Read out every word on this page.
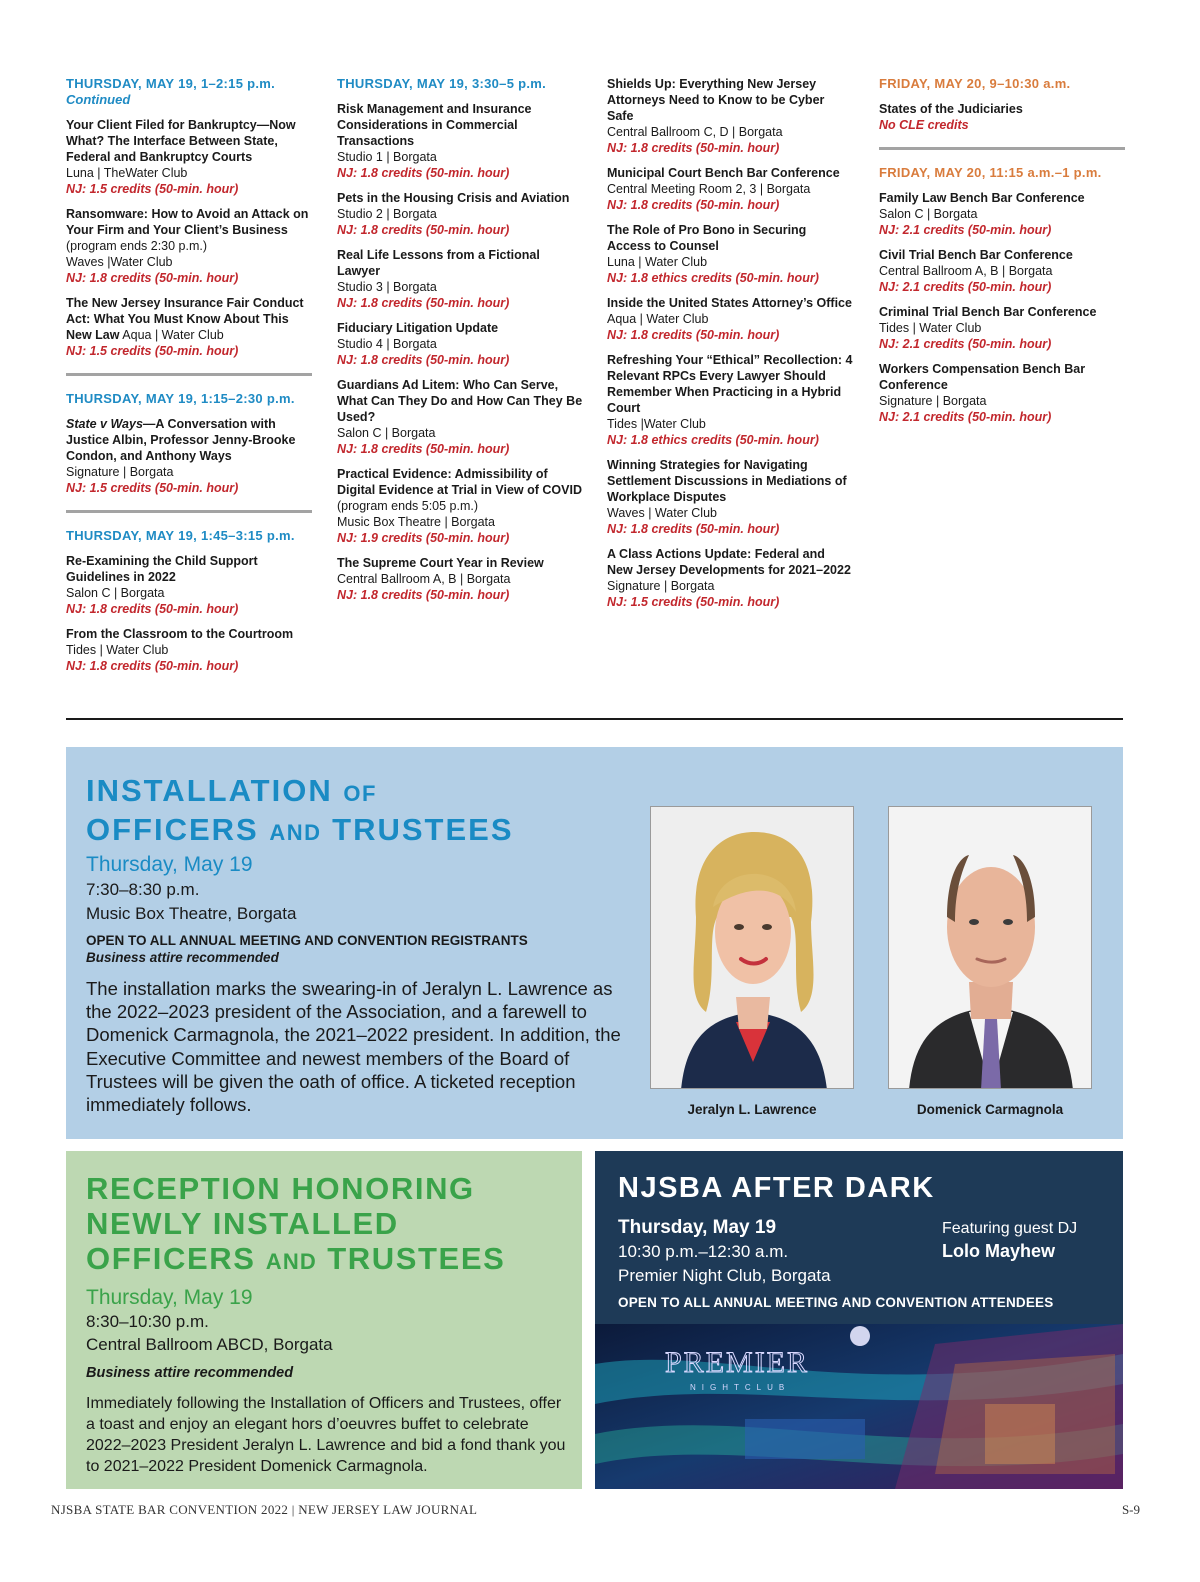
THURSDAY, MAY 19, 1–2:15 p.m.
Continued
Your Client Filed for Bankruptcy—Now What? The Interface Between State, Federal and Bankruptcy Courts
Luna | TheWater Club
NJ: 1.5 credits (50-min. hour)
Ransomware: How to Avoid an Attack on Your Firm and Your Client’s Business
(program ends 2:30 p.m.)
Waves |Water Club
NJ: 1.8 credits (50-min. hour)
The New Jersey Insurance Fair Conduct Act: What You Must Know About This New Law Aqua | Water Club
NJ: 1.5 credits (50-min. hour)
THURSDAY, MAY 19, 1:15–2:30 p.m.
State v Ways—A Conversation with Justice Albin, Professor Jenny-Brooke Condon, and Anthony Ways
Signature | Borgata
NJ: 1.5 credits (50-min. hour)
THURSDAY, MAY 19, 1:45–3:15 p.m.
Re-Examining the Child Support Guidelines in 2022
Salon C | Borgata
NJ: 1.8 credits (50-min. hour)
From the Classroom to the Courtroom
Tides | Water Club
NJ: 1.8 credits (50-min. hour)
THURSDAY, MAY 19, 3:30–5 p.m.
Risk Management and Insurance Considerations in Commercial Transactions
Studio 1 | Borgata
NJ: 1.8 credits (50-min. hour)
Pets in the Housing Crisis and Aviation
Studio 2 | Borgata
NJ: 1.8 credits (50-min. hour)
Real Life Lessons from a Fictional Lawyer
Studio 3 | Borgata
NJ: 1.8 credits (50-min. hour)
Fiduciary Litigation Update
Studio 4 | Borgata
NJ: 1.8 credits (50-min. hour)
Guardians Ad Litem: Who Can Serve, What Can They Do and How Can They Be Used?
Salon C | Borgata
NJ: 1.8 credits (50-min. hour)
Practical Evidence: Admissibility of Digital Evidence at Trial in View of COVID
(program ends 5:05 p.m.)
Music Box Theatre | Borgata
NJ: 1.9 credits (50-min. hour)
The Supreme Court Year in Review
Central Ballroom A, B | Borgata
NJ: 1.8 credits (50-min. hour)
Shields Up: Everything New Jersey Attorneys Need to Know to be Cyber Safe
Central Ballroom C, D | Borgata
NJ: 1.8 credits (50-min. hour)
Municipal Court Bench Bar Conference
Central Meeting Room 2, 3 | Borgata
NJ: 1.8 credits (50-min. hour)
The Role of Pro Bono in Securing Access to Counsel
Luna | Water Club
NJ: 1.8 ethics credits (50-min. hour)
Inside the United States Attorney’s Office
Aqua | Water Club
NJ: 1.8 credits (50-min. hour)
Refreshing Your “Ethical” Recollection: 4 Relevant RPCs Every Lawyer Should Remember When Practicing in a Hybrid Court
Tides |Water Club
NJ: 1.8 ethics credits (50-min. hour)
Winning Strategies for Navigating Settlement Discussions in Mediations of Workplace Disputes
Waves | Water Club
NJ: 1.8 credits (50-min. hour)
A Class Actions Update: Federal and New Jersey Developments for 2021–2022
Signature | Borgata
NJ: 1.5 credits (50-min. hour)
FRIDAY, MAY 20, 9–10:30 a.m.
States of the Judiciaries
No CLE credits
FRIDAY, MAY 20, 11:15 a.m.–1 p.m.
Family Law Bench Bar Conference
Salon C | Borgata
NJ: 2.1 credits (50-min. hour)
Civil Trial Bench Bar Conference
Central Ballroom A, B | Borgata
NJ: 2.1 credits (50-min. hour)
Criminal Trial Bench Bar Conference
Tides | Water Club
NJ: 2.1 credits (50-min. hour)
Workers Compensation Bench Bar Conference
Signature | Borgata
NJ: 2.1 credits (50-min. hour)
INSTALLATION OF
OFFICERS AND TRUSTEES
Thursday, May 19
7:30–8:30 p.m.
Music Box Theatre, Borgata
OPEN TO ALL ANNUAL MEETING AND CONVENTION REGISTRANTS
Business attire recommended
The installation marks the swearing-in of Jeralyn L. Lawrence as the 2022–2023 president of the Association, and a farewell to Domenick Carmagnola, the 2021–2022 president. In addition, the Executive Committee and newest members of the Board of Trustees will be given the oath of office. A ticketed reception immediately follows.	Jeralyn L. Lawrence	Domenick Carmagnola
RECEPTION HONORING
NEWLY INSTALLED
OFFICERS AND TRUSTEES
Thursday, May 19
8:30–10:30 p.m.
Central Ballroom ABCD, Borgata
Business attire recommended
Immediately following the Installation of Officers and Trustees, offer a toast and enjoy an elegant hors d’oeuvres buffet to celebrate 2022–2023 President Jeralyn L. Lawrence and bid a fond thank you to 2021–2022 President Domenick Carmagnola.
NJSBA AFTER DARK
Thursday, May 19
10:30 p.m.–12:30 a.m.
Premier Night Club, Borgata
Featuring guest DJ
Lolo Mayhew
OPEN TO ALL ANNUAL MEETING AND CONVENTION ATTENDEES
PREMIER
NIGHTCLUB
NJSBA STATE BAR CONVENTION 2022 | NEW JERSEY LAW JOURNAL	S-9
